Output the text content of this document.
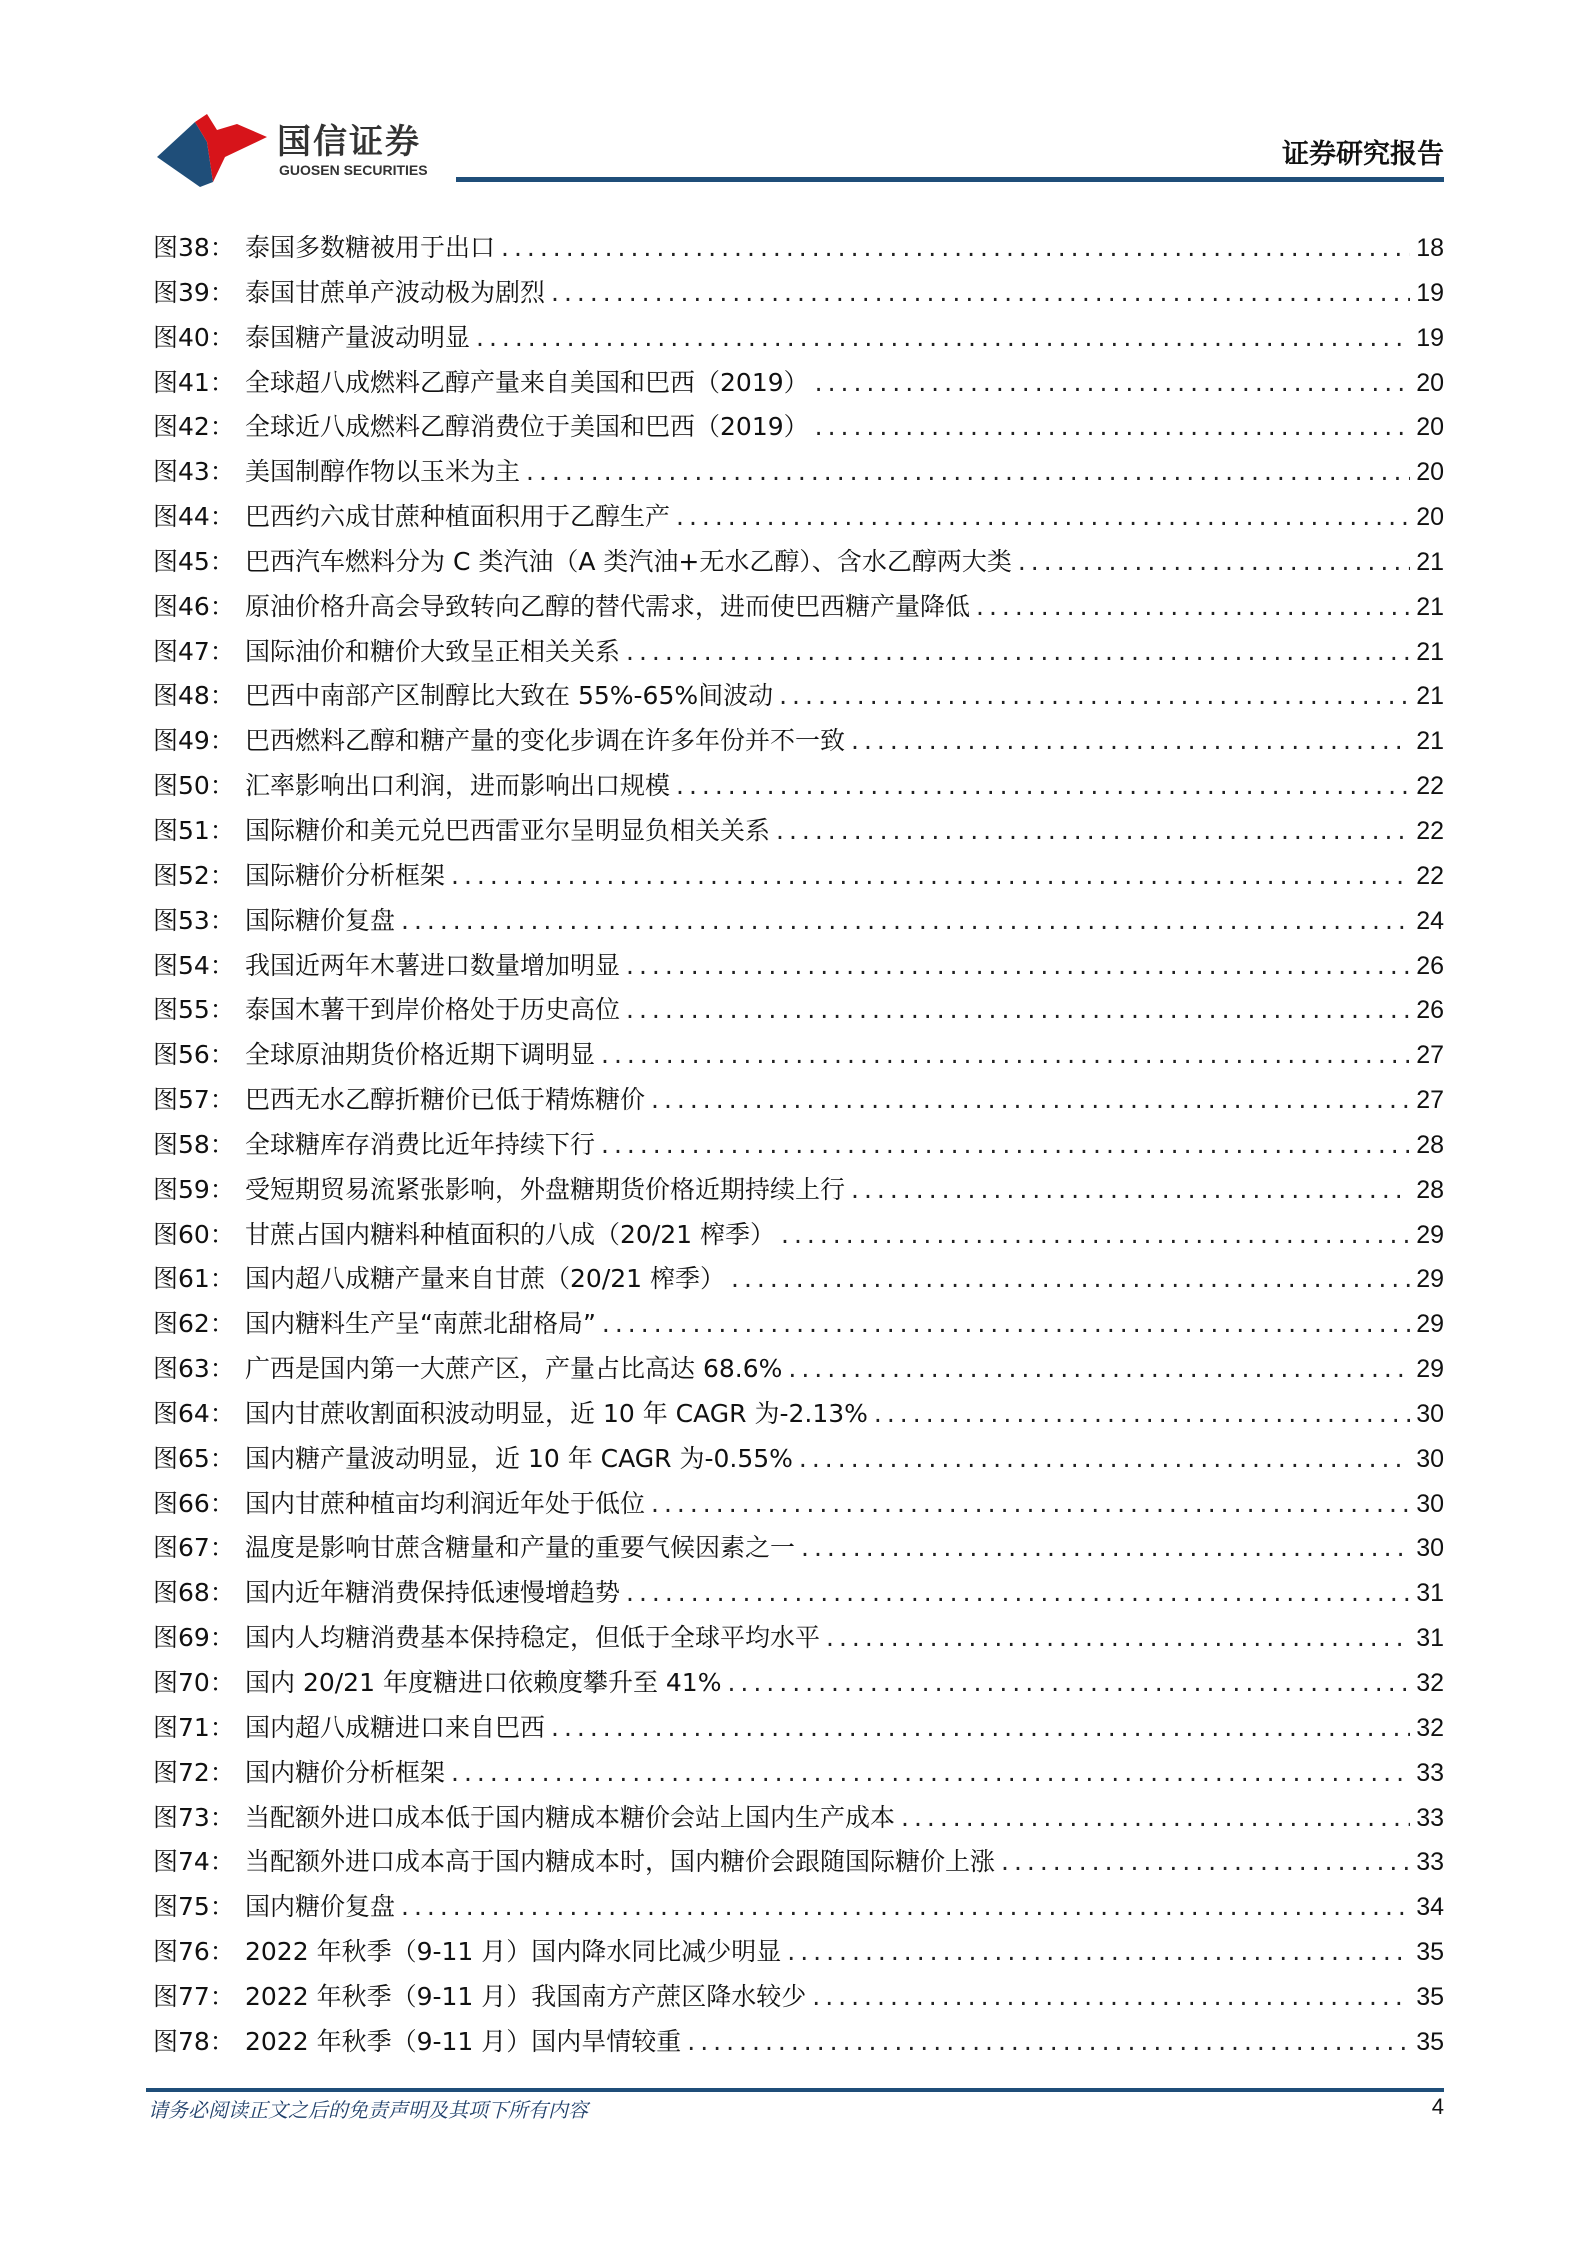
国信证券
GUOSEN SECURITIES	证券研究报告
图38： 泰国多数糖被用于出口 .....	18
图39： 泰国甘蔗单产波动极为剧烈 .....	19
图40： 泰国糖产量波动明显 .....	19
图41： 全球超八成燃料乙醇产量来自美国和巴西（2019） .....	20
图42： 全球近八成燃料乙醇消费位于美国和巴西（2019） .....	20
图43： 美国制醇作物以玉米为主 .....	20
图44： 巴西约六成甘蔗种植面积用于乙醇生产 .....	20
图45： 巴西汽车燃料分为 C 类汽油（A 类汽油+无水乙醇）、含水乙醇两大类 .....	21
图46： 原油价格升高会导致转向乙醇的替代需求，进而使巴西糖产量降低 .....	21
图47： 国际油价和糖价大致呈正相关关系 .....	21
图48： 巴西中南部产区制醇比大致在 55%-65%间波动 .....	21
图49： 巴西燃料乙醇和糖产量的变化步调在许多年份并不一致 .....	21
图50： 汇率影响出口利润，进而影响出口规模 .....	22
图51： 国际糖价和美元兑巴西雷亚尔呈明显负相关关系 .....	22
图52： 国际糖价分析框架 .....	22
图53： 国际糖价复盘 .....	24
图54： 我国近两年木薯进口数量增加明显 .....	26
图55： 泰国木薯干到岸价格处于历史高位 .....	26
图56： 全球原油期货价格近期下调明显 .....	27
图57： 巴西无水乙醇折糖价已低于精炼糖价 .....	27
图58： 全球糖库存消费比近年持续下行 .....	28
图59： 受短期贸易流紧张影响，外盘糖期货价格近期持续上行 .....	28
图60： 甘蔗占国内糖料种植面积的八成（20/21 榨季） .....	29
图61： 国内超八成糖产量来自甘蔗（20/21 榨季） .....	29
图62： 国内糖料生产呈“南蔗北甜格局” .....	29
图63： 广西是国内第一大蔗产区，产量占比高达 68.6% .....	29
图64： 国内甘蔗收割面积波动明显，近 10 年 CAGR 为-2.13% .....	30
图65： 国内糖产量波动明显，近 10 年 CAGR 为-0.55% .....	30
图66： 国内甘蔗种植亩均利润近年处于低位 .....	30
图67： 温度是影响甘蔗含糖量和产量的重要气候因素之一 .....	30
图68： 国内近年糖消费保持低速慢增趋势 .....	31
图69： 国内人均糖消费基本保持稳定，但低于全球平均水平 .....	31
图70： 国内 20/21 年度糖进口依赖度攀升至 41% .....	32
图71： 国内超八成糖进口来自巴西 .....	32
图72： 国内糖价分析框架 .....	33
图73： 当配额外进口成本低于国内糖成本糖价会站上国内生产成本 .....	33
图74： 当配额外进口成本高于国内糖成本时，国内糖价会跟随国际糖价上涨 .....	33
图75： 国内糖价复盘 .....	34
图76： 2022 年秋季（9-11 月）国内降水同比减少明显 .....	35
图77： 2022 年秋季（9-11 月）我国南方产蔗区降水较少 .....	35
图78： 2022 年秋季（9-11 月）国内旱情较重 .....	35
请务必阅读正文之后的免责声明及其项下所有内容	4
